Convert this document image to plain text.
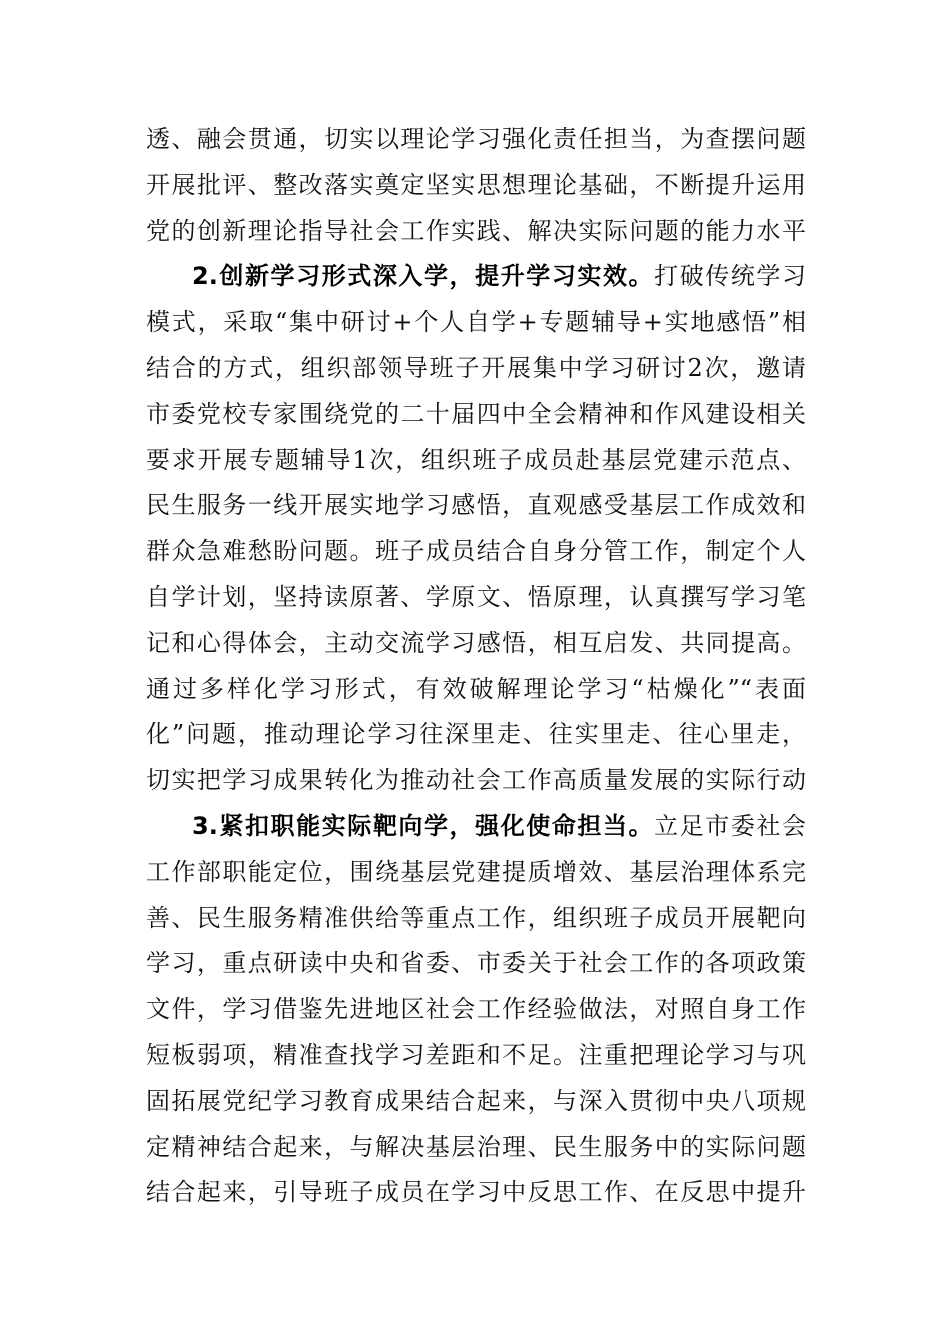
透、融会贯通，切实以理论学习强化责任担当，为查摆问题
开展批评、整改落实奠定坚实思想理论基础，不断提升运用
党的创新理论指导社会工作实践、解决实际问题的能力水平
2.创新学习形式深入学，提升学习实效。打破传统学习
模式，采取“集中研讨+个人自学+专题辅导+实地感悟”相
结合的方式，组织部领导班子开展集中学习研讨2次，邀请
市委党校专家围绕党的二十届四中全会精神和作风建设相关
要求开展专题辅导1次，组织班子成员赴基层党建示范点、
民生服务一线开展实地学习感悟，直观感受基层工作成效和
群众急难愁盼问题。班子成员结合自身分管工作，制定个人
自学计划，坚持读原著、学原文、悟原理，认真撰写学习笔
记和心得体会，主动交流学习感悟，相互启发、共同提高。
通过多样化学习形式，有效破解理论学习“枯燥化”“表面
化”问题，推动理论学习往深里走、往实里走、往心里走，
切实把学习成果转化为推动社会工作高质量发展的实际行动
3.紧扣职能实际靶向学，强化使命担当。立足市委社会
工作部职能定位，围绕基层党建提质增效、基层治理体系完
善、民生服务精准供给等重点工作，组织班子成员开展靶向
学习，重点研读中央和省委、市委关于社会工作的各项政策
文件，学习借鉴先进地区社会工作经验做法，对照自身工作
短板弱项，精准查找学习差距和不足。注重把理论学习与巩
固拓展党纪学习教育成果结合起来，与深入贯彻中央八项规
定精神结合起来，与解决基层治理、民生服务中的实际问题
结合起来，引导班子成员在学习中反思工作、在反思中提升
